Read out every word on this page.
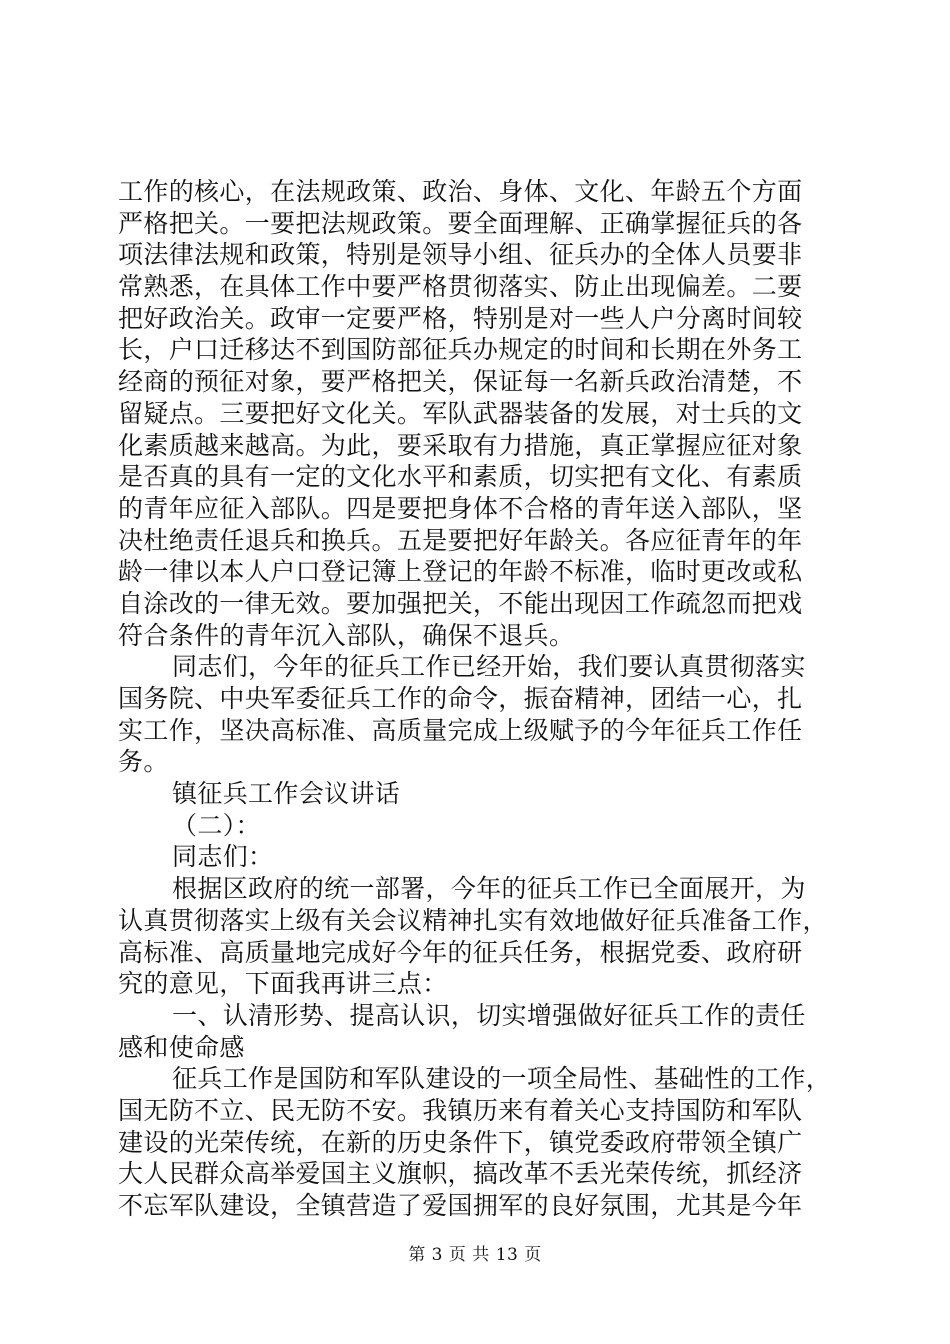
工作的核心，在法规政策、政治、身体、文化、年龄五个方面
严格把关。一要把法规政策。要全面理解、正确掌握征兵的各
项法律法规和政策，特别是领导小组、征兵办的全体人员要非
常熟悉，在具体工作中要严格贯彻落实、防止出现偏差。二要
把好政治关。政审一定要严格，特别是对一些人户分离时间较
长，户口迁移达不到国防部征兵办规定的时间和长期在外务工
经商的预征对象，要严格把关，保证每一名新兵政治清楚，不
留疑点。三要把好文化关。军队武器装备的发展，对士兵的文
化素质越来越高。为此，要采取有力措施，真正掌握应征对象
是否真的具有一定的文化水平和素质，切实把有文化、有素质
的青年应征入部队。四是要把身体不合格的青年送入部队，坚
决杜绝责任退兵和换兵。五是要把好年龄关。各应征青年的年
龄一律以本人户口登记簿上登记的年龄不标准，临时更改或私
自涂改的一律无效。要加强把关，不能出现因工作疏忽而把戏
符合条件的青年沉入部队，确保不退兵。
同志们，今年的征兵工作已经开始，我们要认真贯彻落实
国务院、中央军委征兵工作的命令，振奋精神，团结一心，扎
实工作，坚决高标准、高质量完成上级赋予的今年征兵工作任
务。
镇征兵工作会议讲话
（二）：
同志们：
根据区政府的统一部署，今年的征兵工作已全面展开，为
认真贯彻落实上级有关会议精神扎实有效地做好征兵准备工作，
高标准、高质量地完成好今年的征兵任务，根据党委、政府研
究的意见，下面我再讲三点：
一、认清形势、提高认识，切实增强做好征兵工作的责任
感和使命感
征兵工作是国防和军队建设的一项全局性、基础性的工作，
国无防不立、民无防不安。我镇历来有着关心支持国防和军队
建设的光荣传统，在新的历史条件下，镇党委政府带领全镇广
大人民群众高举爱国主义旗帜，搞改革不丢光荣传统，抓经济
不忘军队建设，全镇营造了爱国拥军的良好氛围，尤其是今年
第 3 页 共 13 页
